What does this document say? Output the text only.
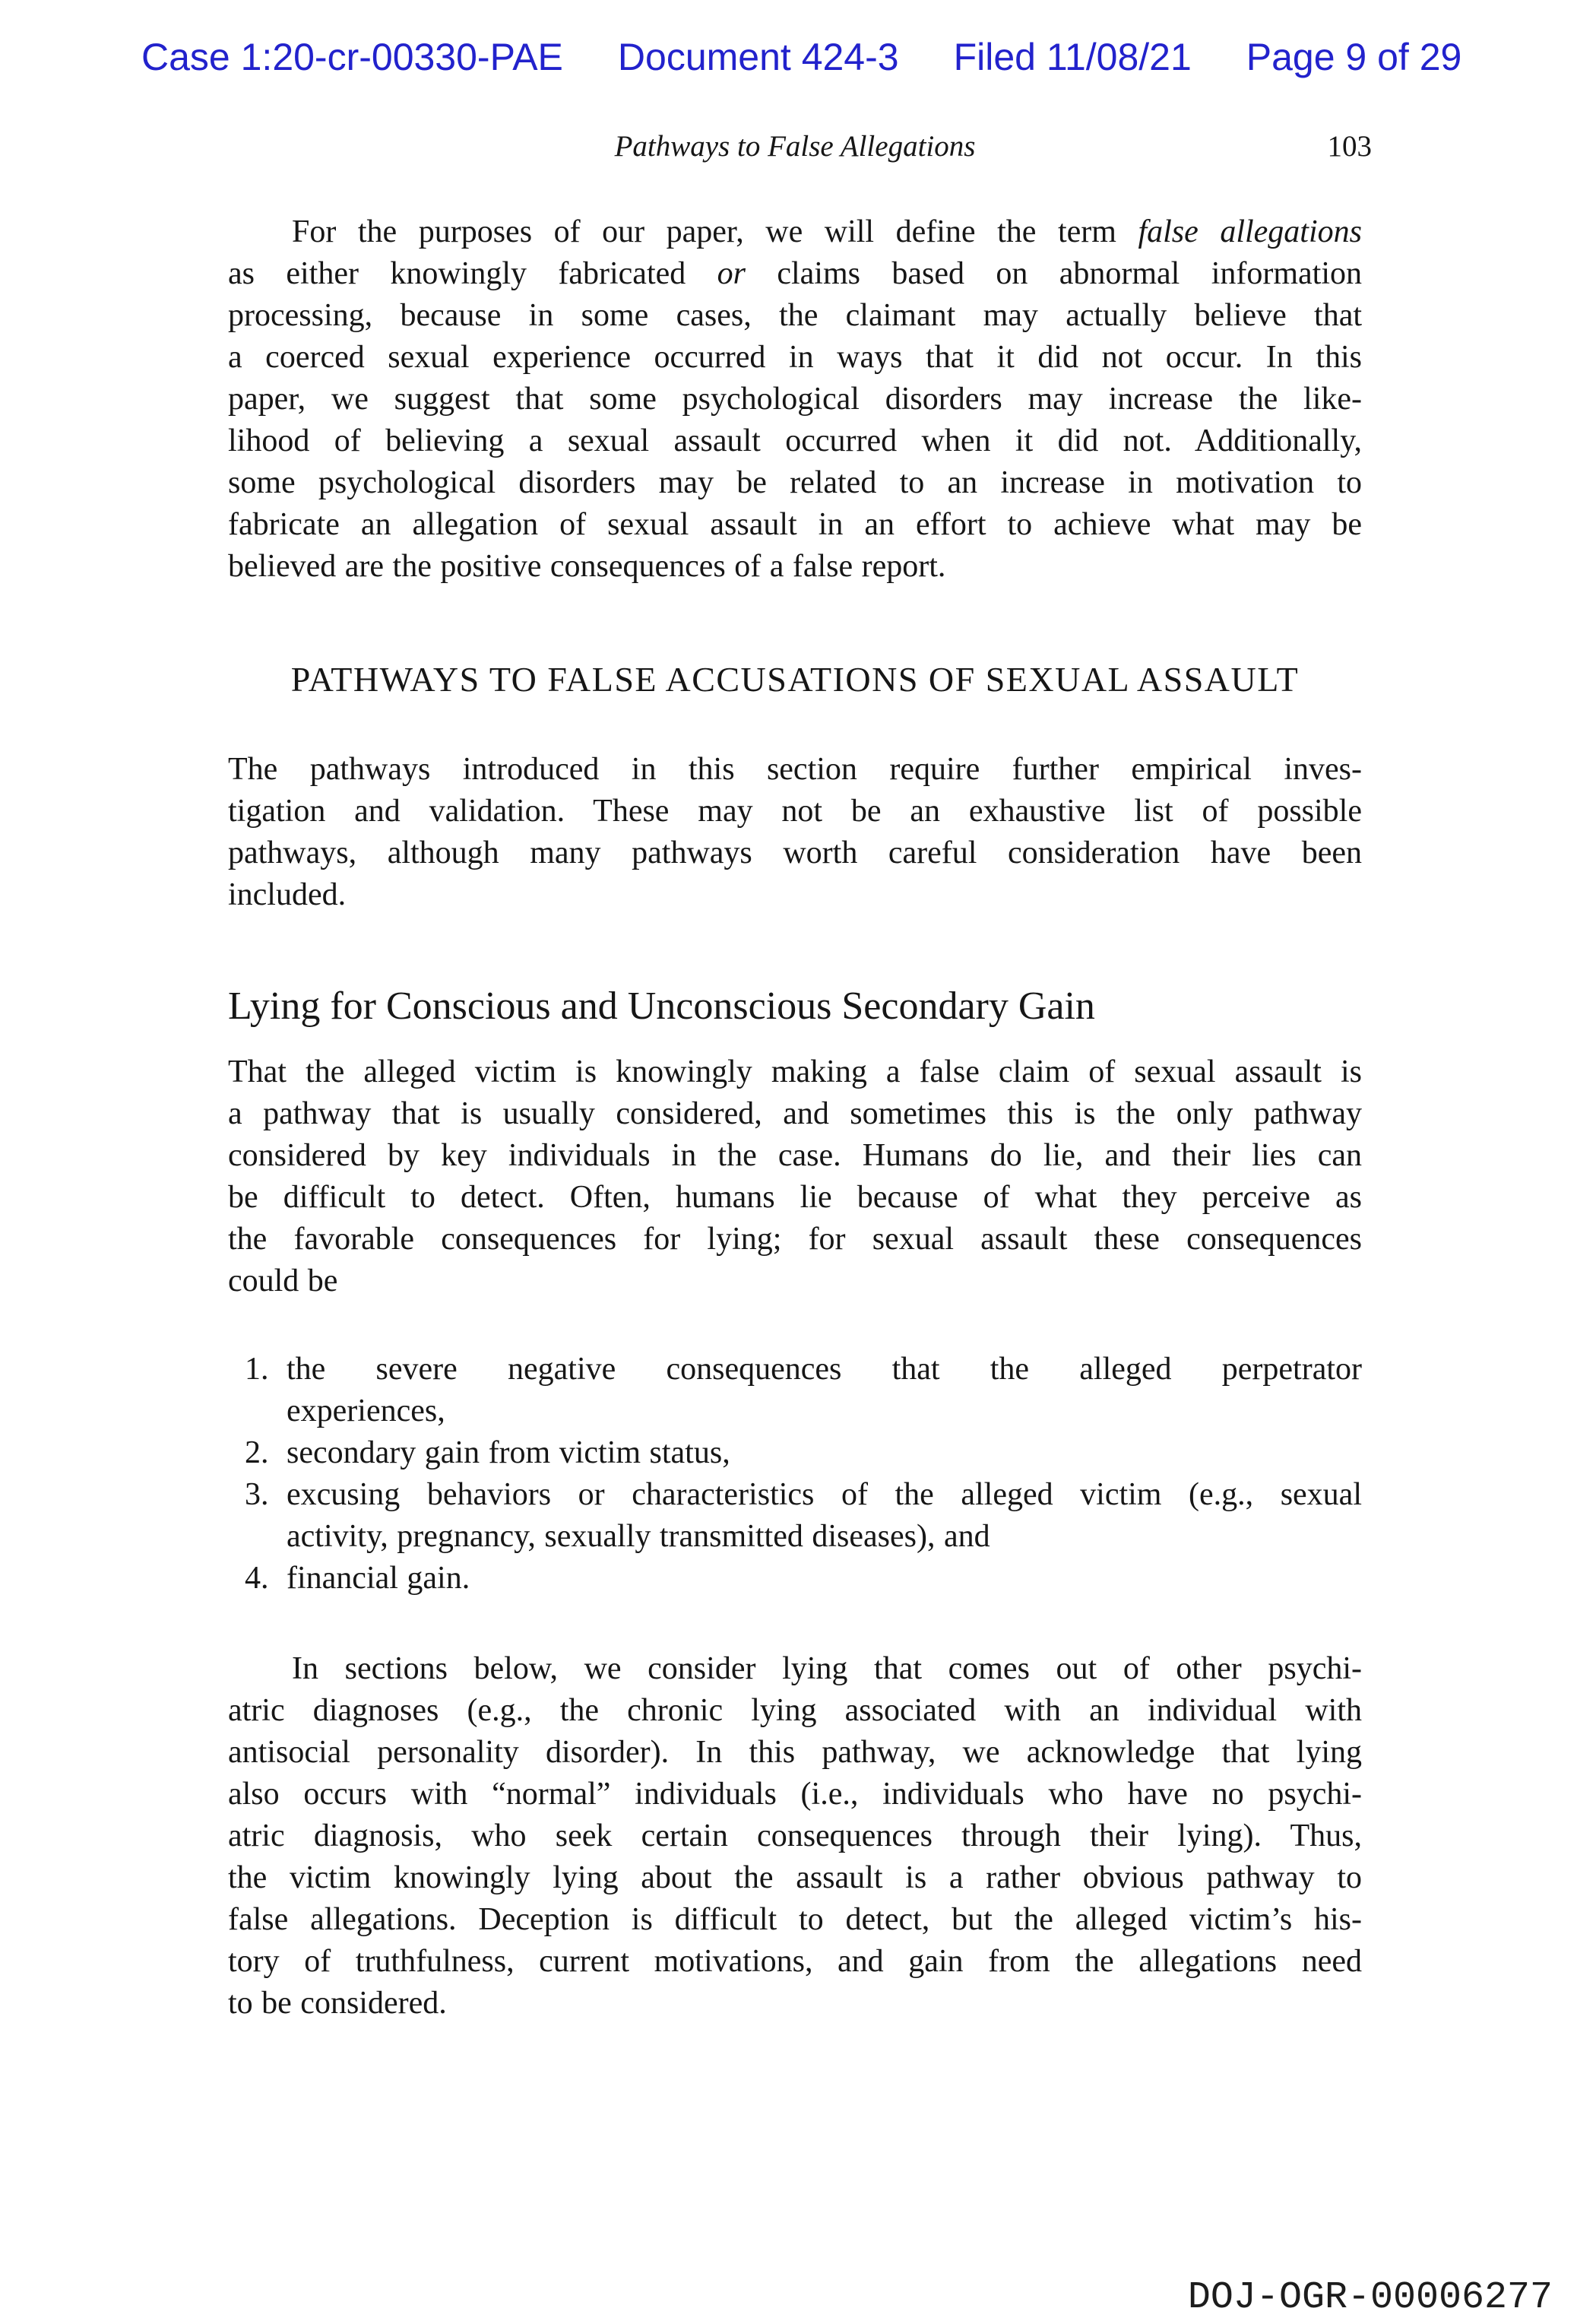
Case 1:20-cr-00330-PAE Document 424-3 Filed 11/08/21 Page 9 of 29
Pathways to False Allegations	103
For the purposes of our paper, we will define the term false allegations
as either knowingly fabricated or claims based on abnormal information
processing, because in some cases, the claimant may actually believe that
a coerced sexual experience occurred in ways that it did not occur. In this
paper, we suggest that some psychological disorders may increase the like-
lihood of believing a sexual assault occurred when it did not. Additionally,
some psychological disorders may be related to an increase in motivation to
fabricate an allegation of sexual assault in an effort to achieve what may be
believed are the positive consequences of a false report.
PATHWAYS TO FALSE ACCUSATIONS OF SEXUAL ASSAULT
The pathways introduced in this section require further empirical inves-
tigation and validation. These may not be an exhaustive list of possible
pathways, although many pathways worth careful consideration have been
included.
Lying for Conscious and Unconscious Secondary Gain
That the alleged victim is knowingly making a false claim of sexual assault is
a pathway that is usually considered, and sometimes this is the only pathway
considered by key individuals in the case. Humans do lie, and their lies can
be difficult to detect. Often, humans lie because of what they perceive as
the favorable consequences for lying; for sexual assault these consequences
could be
1. the severe negative consequences that the alleged perpetrator
experiences,
2. secondary gain from victim status,
3. excusing behaviors or characteristics of the alleged victim (e.g., sexual
activity, pregnancy, sexually transmitted diseases), and
4. financial gain.
In sections below, we consider lying that comes out of other psychi-
atric diagnoses (e.g., the chronic lying associated with an individual with
antisocial personality disorder). In this pathway, we acknowledge that lying
also occurs with “normal” individuals (i.e., individuals who have no psychi-
atric diagnosis, who seek certain consequences through their lying). Thus,
the victim knowingly lying about the assault is a rather obvious pathway to
false allegations. Deception is difficult to detect, but the alleged victim’s his-
tory of truthfulness, current motivations, and gain from the allegations need
to be considered.
DOJ-OGR-00006277
